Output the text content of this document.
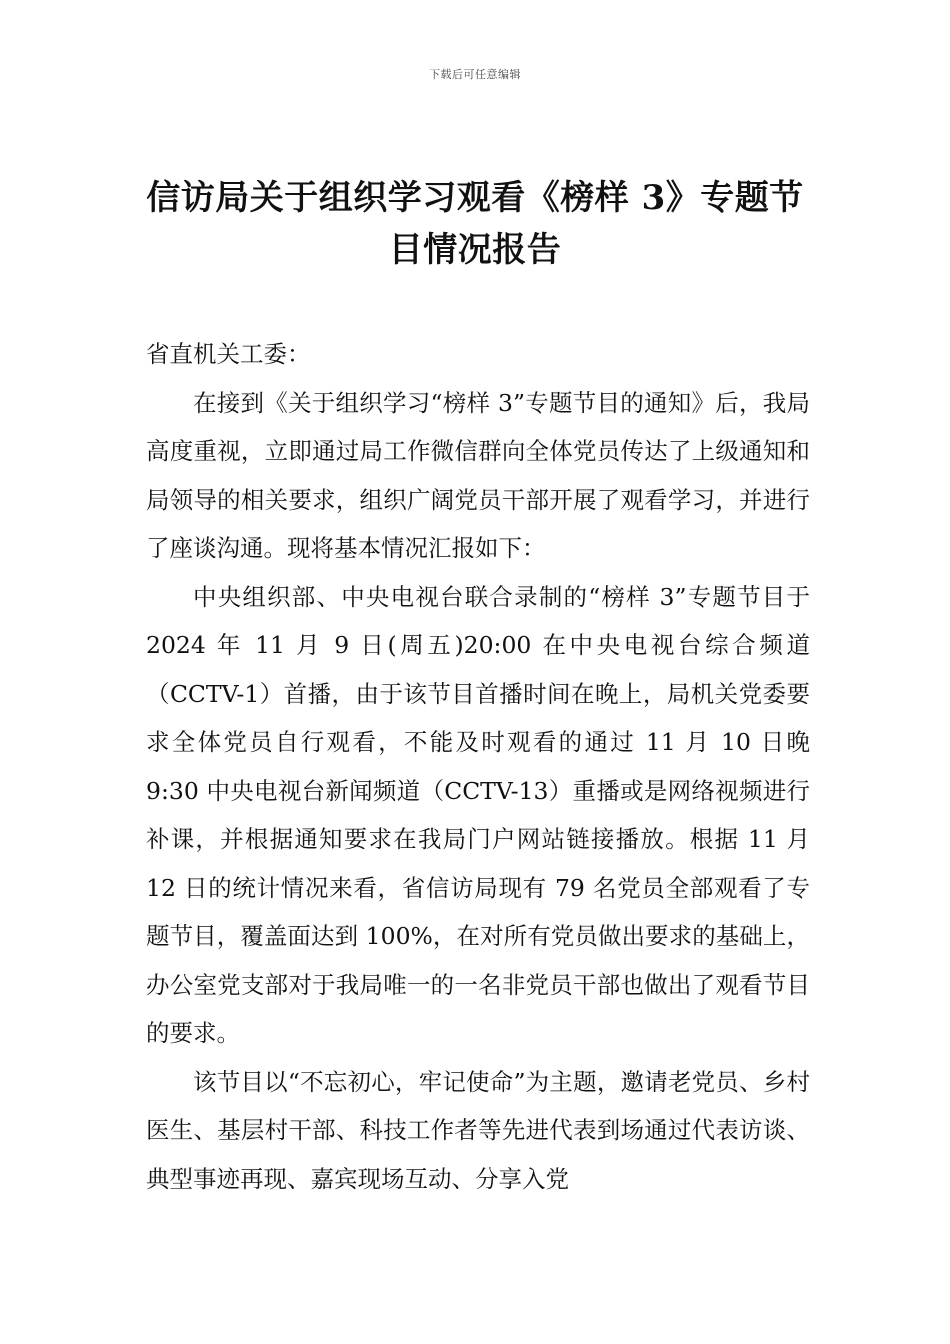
下载后可任意编辑
信访局关于组织学习观看《榜样 3》专题节目情况报告

省直机关工委：

在接到《关于组织学习“榜样 3”专题节目的通知》后，我局高度重视，立即通过局工作微信群向全体党员传达了上级通知和局领导的相关要求，组织广阔党员干部开展了观看学习，并进行了座谈沟通。现将基本情况汇报如下：

中央组织部、中央电视台联合录制的“榜样 3”专题节目于 2024 年 11 月 9 日(周五)20:00 在中央电视台综合频道（CCTV-1）首播，由于该节目首播时间在晚上，局机关党委要求全体党员自行观看，不能及时观看的通过 11 月 10 日晚 9:30 中央电视台新闻频道（CCTV-13）重播或是网络视频进行补课，并根据通知要求在我局门户网站链接播放。根据 11 月 12 日的统计情况来看，省信访局现有 79 名党员全部观看了专题节目，覆盖面达到 100%，在对所有党员做出要求的基础上，办公室党支部对于我局唯一的一名非党员干部也做出了观看节目的要求。

该节目以“不忘初心，牢记使命”为主题，邀请老党员、乡村医生、基层村干部、科技工作者等先进代表到场通过代表访谈、典型事迹再现、嘉宾现场互动、分享入党
